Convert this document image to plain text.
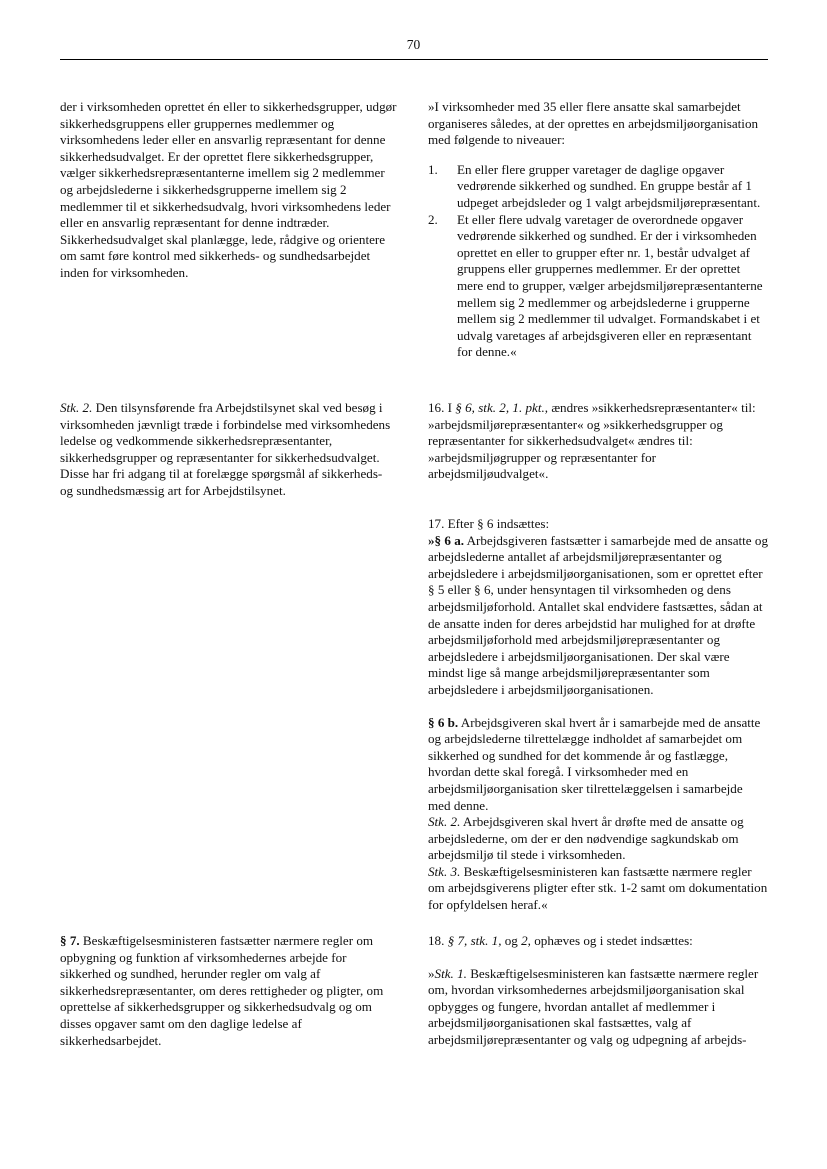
70

der i virksomheden oprettet én eller to sikkerhedsgrupper, udgør sikkerhedsgruppens eller gruppernes medlemmer og virksomhedens leder eller en ansvarlig repræsentant for denne sikkerhedsudvalget. Er der oprettet flere sikkerhedsgrupper, vælger sikkerhedsrepræsentanterne imellem sig 2 medlemmer og arbejdslederne i sikkerhedsgrupperne imellem sig 2 medlemmer til et sikkerhedsudvalg, hvori virksomhedens leder eller en ansvarlig repræsentant for denne indtræder. Sikkerhedsudvalget skal planlægge, lede, rådgive og orientere om samt føre kontrol med sikkerheds- og sundhedsarbejdet inden for virksomheden.

Stk. 2. Den tilsynsførende fra Arbejdstilsynet skal ved besøg i virksomheden jævnligt træde i forbindelse med virksomhedens ledelse og vedkommende sikkerhedsrepræsentanter, sikkerhedsgrupper og repræsentanter for sikkerhedsudvalget. Disse har fri adgang til at forelægge spørgsmål af sikkerheds- og sundhedsmæssig art for Arbejdstilsynet.

§ 7. Beskæftigelsesministeren fastsætter nærmere regler om opbygning og funktion af virksomhedernes arbejde for sikkerhed og sundhed, herunder regler om valg af sikkerhedsrepræsentanter, om deres rettigheder og pligter, om oprettelse af sikkerhedsgrupper og sikkerhedsudvalg og om disses opgaver samt om den daglige ledelse af sikkerhedsarbejdet.

»I virksomheder med 35 eller flere ansatte skal samarbejdet organiseres således, at der oprettes en arbejdsmiljøorganisation med følgende to niveauer:

1. En eller flere grupper varetager de daglige opgaver vedrørende sikkerhed og sundhed. En gruppe består af 1 udpeget arbejdsleder og 1 valgt arbejdsmiljørepræsentant.
2. Et eller flere udvalg varetager de overordnede opgaver vedrørende sikkerhed og sundhed. Er der i virksomheden oprettet en eller to grupper efter nr. 1, består udvalget af gruppens eller gruppernes medlemmer. Er der oprettet mere end to grupper, vælger arbejdsmiljørepræsentanterne mellem sig 2 medlemmer og arbejdslederne i grupperne mellem sig 2 medlemmer til udvalget. Formandskabet i et udvalg varetages af arbejdsgiveren eller en repræsentant for denne.«

16. I § 6, stk. 2, 1. pkt., ændres »sikkerhedsrepræsentanter« til: »arbejdsmiljørepræsentanter« og »sikkerhedsgrupper og repræsentanter for sikkerhedsudvalget« ændres til: »arbejdsmiljøgrupper og repræsentanter for arbejdsmiljøudvalget«.

17. Efter § 6 indsættes:

»§ 6 a. Arbejdsgiveren fastsætter i samarbejde med de ansatte og arbejdslederne antallet af arbejdsmiljørepræsentanter og arbejdsledere i arbejdsmiljøorganisationen, som er oprettet efter § 5 eller § 6, under hensyntagen til virksomheden og dens arbejdsmiljøforhold. Antallet skal endvidere fastsættes, sådan at de ansatte inden for deres arbejdstid har mulighed for at drøfte arbejdsmiljøforhold med arbejdsmiljørepræsentanter og arbejdsledere i arbejdsmiljøorganisationen. Der skal være mindst lige så mange arbejdsmiljørepræsentanter som arbejdsledere i arbejdsmiljøorganisationen.

§ 6 b. Arbejdsgiveren skal hvert år i samarbejde med de ansatte og arbejdslederne tilrettelægge indholdet af samarbejdet om sikkerhed og sundhed for det kommende år og fastlægge, hvordan dette skal foregå. I virksomheder med en arbejdsmiljøorganisation sker tilrettelæggelsen i samarbejde med denne.

Stk. 2. Arbejdsgiveren skal hvert år drøfte med de ansatte og arbejdslederne, om der er den nødvendige sagkundskab om arbejdsmiljø til stede i virksomheden.

Stk. 3. Beskæftigelsesministeren kan fastsætte nærmere regler om arbejdsgiverens pligter efter stk. 1-2 samt om dokumentation for opfyldelsen heraf.«

18. § 7, stk. 1, og 2, ophæves og i stedet indsættes:

»Stk. 1. Beskæftigelsesministeren kan fastsætte nærmere regler om, hvordan virksomhedernes arbejdsmiljøorganisation skal opbygges og fungere, hvordan antallet af medlemmer i arbejdsmiljøorganisationen skal fastsættes, valg af arbejdsmiljørepræsentanter og valg og udpegning af arbejds-
